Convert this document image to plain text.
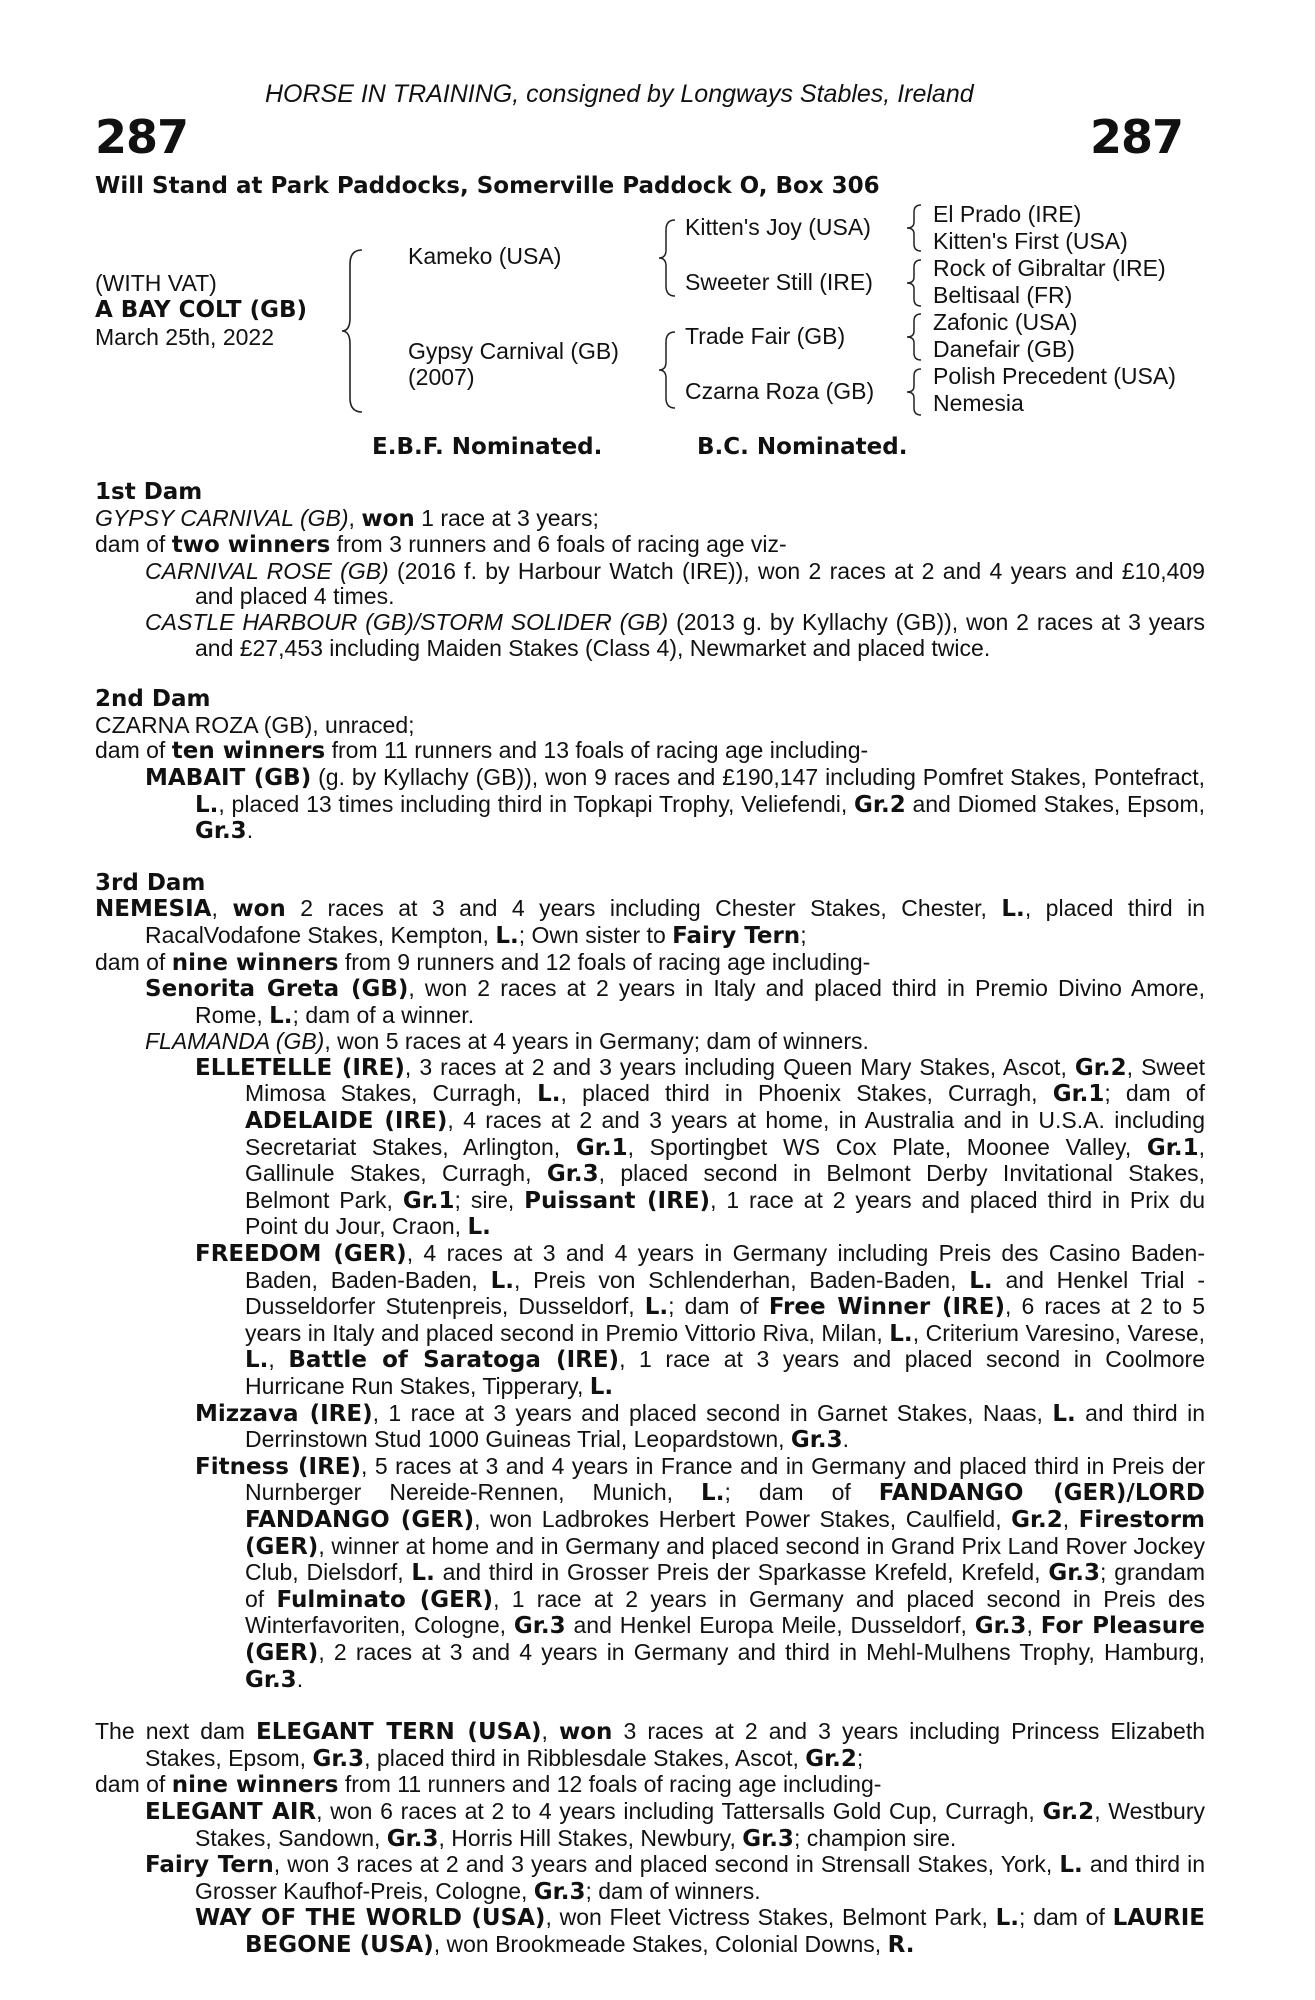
HORSE IN TRAINING, consigned by Longways Stables, Ireland
287	287
Will Stand at Park Paddocks, Somerville Paddock O, Box 306
(WITH VAT)
A BAY COLT (GB)
March 25th, 2022
Kameko (USA)
Gypsy Carnival (GB)
(2007)
Kitten's Joy (USA)
Sweeter Still (IRE)
Trade Fair (GB)
Czarna Roza (GB)
El Prado (IRE)
Kitten's First (USA)
Rock of Gibraltar (IRE)
Beltisaal (FR)
Zafonic (USA)
Danefair (GB)
Polish Precedent (USA)
Nemesia
E.B.F. Nominated.	B.C. Nominated.

1st Dam

GYPSY CARNIVAL (GB), won 1 race at 3 years;

dam of two winners from 3 runners and 6 foals of racing age viz-

CARNIVAL ROSE (GB) (2016 f. by Harbour Watch (IRE)), won 2 races at 2 and 4 years and £10,409 and placed 4 times.

CASTLE HARBOUR (GB)/STORM SOLIDER (GB) (2013 g. by Kyllachy (GB)), won 2 races at 3 years and £27,453 including Maiden Stakes (Class 4), Newmarket and placed twice.

2nd Dam

CZARNA ROZA (GB), unraced;

dam of ten winners from 11 runners and 13 foals of racing age including-

MABAIT (GB) (g. by Kyllachy (GB)), won 9 races and £190,147 including Pomfret Stakes, Pontefract, L., placed 13 times including third in Topkapi Trophy, Veliefendi, Gr.2 and Diomed Stakes, Epsom, Gr.3.

3rd Dam

NEMESIA, won 2 races at 3 and 4 years including Chester Stakes, Chester, L., placed third in RacalVodafone Stakes, Kempton, L.; Own sister to Fairy Tern;

dam of nine winners from 9 runners and 12 foals of racing age including-

Senorita Greta (GB), won 2 races at 2 years in Italy and placed third in Premio Divino Amore, Rome, L.; dam of a winner.

FLAMANDA (GB), won 5 races at 4 years in Germany; dam of winners.

ELLETELLE (IRE), 3 races at 2 and 3 years including Queen Mary Stakes, Ascot, Gr.2, Sweet Mimosa Stakes, Curragh, L., placed third in Phoenix Stakes, Curragh, Gr.1; dam of ADELAIDE (IRE), 4 races at 2 and 3 years at home, in Australia and in U.S.A. including Secretariat Stakes, Arlington, Gr.1, Sportingbet WS Cox Plate, Moonee Valley, Gr.1, Gallinule Stakes, Curragh, Gr.3, placed second in Belmont Derby Invitational Stakes, Belmont Park, Gr.1; sire, Puissant (IRE), 1 race at 2 years and placed third in Prix du Point du Jour, Craon, L.

FREEDOM (GER), 4 races at 3 and 4 years in Germany including Preis des Casino Baden-Baden, Baden-Baden, L., Preis von Schlenderhan, Baden-Baden, L. and Henkel Trial - Dusseldorfer Stutenpreis, Dusseldorf, L.; dam of Free Winner (IRE), 6 races at 2 to 5 years in Italy and placed second in Premio Vittorio Riva, Milan, L., Criterium Varesino, Varese, L., Battle of Saratoga (IRE), 1 race at 3 years and placed second in Coolmore Hurricane Run Stakes, Tipperary, L.

Mizzava (IRE), 1 race at 3 years and placed second in Garnet Stakes, Naas, L. and third in Derrinstown Stud 1000 Guineas Trial, Leopardstown, Gr.3.

Fitness (IRE), 5 races at 3 and 4 years in France and in Germany and placed third in Preis der Nurnberger Nereide-Rennen, Munich, L.; dam of FANDANGO (GER)/LORD FANDANGO (GER), won Ladbrokes Herbert Power Stakes, Caulfield, Gr.2, Firestorm (GER), winner at home and in Germany and placed second in Grand Prix Land Rover Jockey Club, Dielsdorf, L. and third in Grosser Preis der Sparkasse Krefeld, Krefeld, Gr.3; grandam of Fulminato (GER), 1 race at 2 years in Germany and placed second in Preis des Winterfavoriten, Cologne, Gr.3 and Henkel Europa Meile, Dusseldorf, Gr.3, For Pleasure (GER), 2 races at 3 and 4 years in Germany and third in Mehl-Mulhens Trophy, Hamburg, Gr.3.

The next dam ELEGANT TERN (USA), won 3 races at 2 and 3 years including Princess Elizabeth Stakes, Epsom, Gr.3, placed third in Ribblesdale Stakes, Ascot, Gr.2;

dam of nine winners from 11 runners and 12 foals of racing age including-

ELEGANT AIR, won 6 races at 2 to 4 years including Tattersalls Gold Cup, Curragh, Gr.2, Westbury Stakes, Sandown, Gr.3, Horris Hill Stakes, Newbury, Gr.3; champion sire.

Fairy Tern, won 3 races at 2 and 3 years and placed second in Strensall Stakes, York, L. and third in Grosser Kaufhof-Preis, Cologne, Gr.3; dam of winners.

WAY OF THE WORLD (USA), won Fleet Victress Stakes, Belmont Park, L.; dam of LAURIE BEGONE (USA), won Brookmeade Stakes, Colonial Downs, R.
